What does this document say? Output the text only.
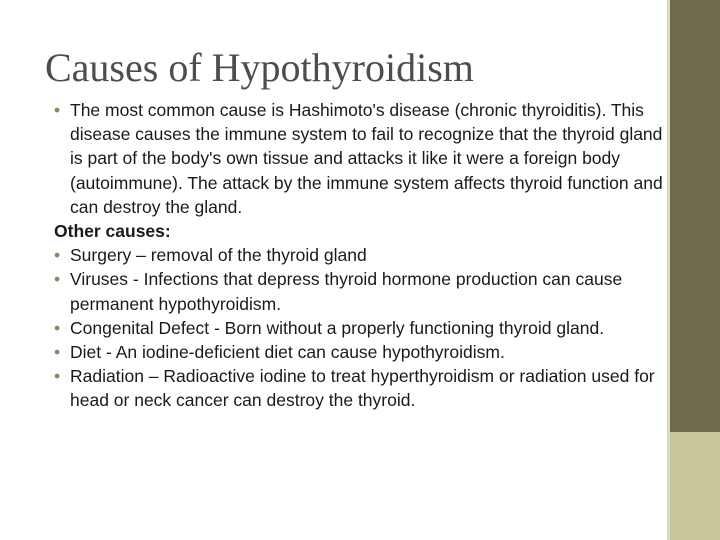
Causes of Hypothyroidism
• The most common cause is Hashimoto's disease (chronic thyroiditis). This disease causes the immune system to fail to recognize that the thyroid gland is part of the body's own tissue and attacks it like it were a foreign body (autoimmune). The attack by the immune system affects thyroid function and can destroy the gland.

Other causes:

• Surgery – removal of the thyroid gland
• Viruses - Infections that depress thyroid hormone production can cause permanent hypothyroidism.
• Congenital Defect - Born without a properly functioning thyroid gland.
• Diet - An iodine-deficient diet can cause hypothyroidism.
• Radiation – Radioactive iodine to treat hyperthyroidism or radiation used for head or neck cancer can destroy the thyroid.
